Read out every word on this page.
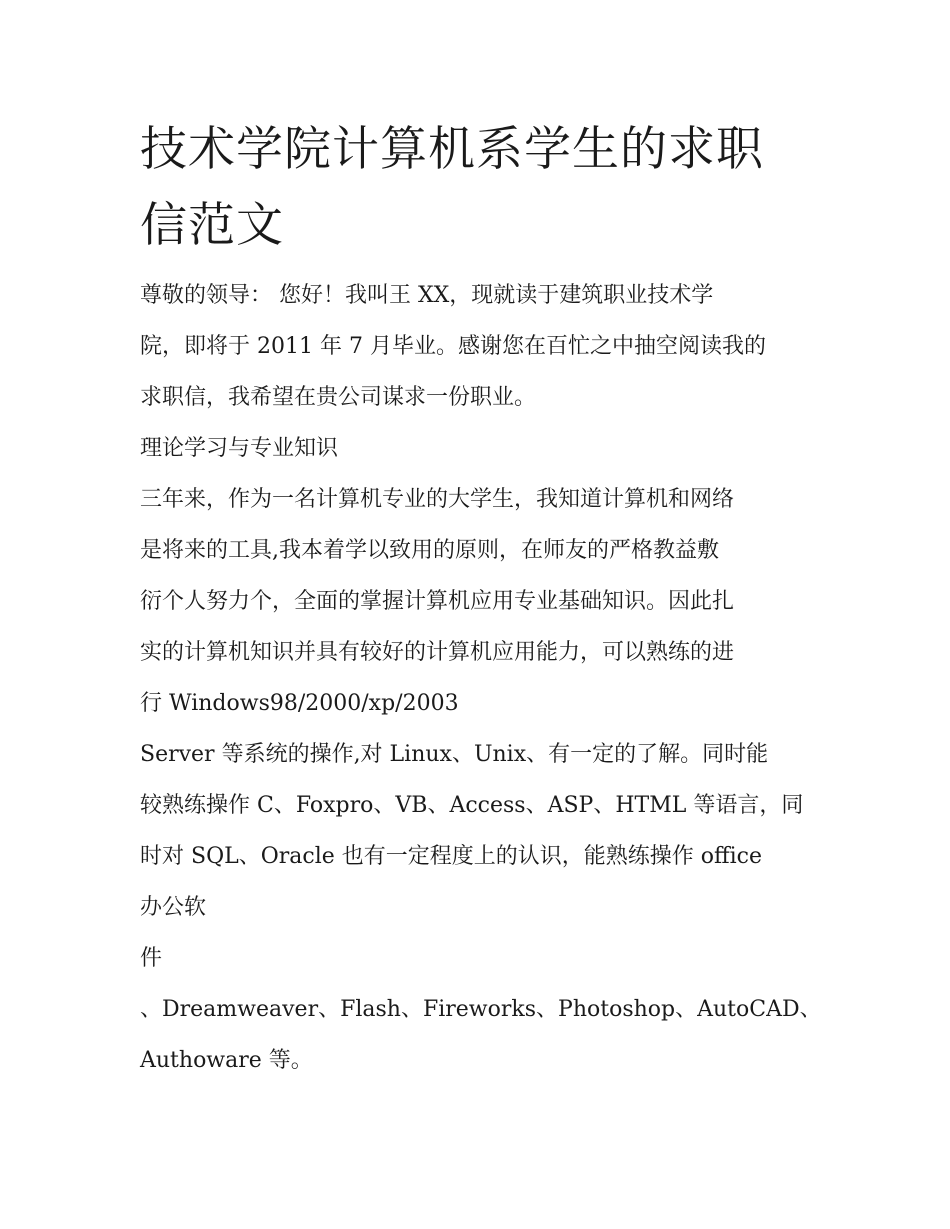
技术学院计算机系学生的求职
信范文
尊敬的领导： 您好！我叫王 XX，现就读于建筑职业技术学
院，即将于 2011 年 7 月毕业。感谢您在百忙之中抽空阅读我的
求职信，我希望在贵公司谋求一份职业。
理论学习与专业知识
三年来，作为一名计算机专业的大学生，我知道计算机和网络
是将来的工具,我本着学以致用的原则，在师友的严格教益敷
衍个人努力个，全面的掌握计算机应用专业基础知识。因此扎
实的计算机知识并具有较好的计算机应用能力，可以熟练的进
行 Windows98/2000/xp/2003
Server 等系统的操作,对 Linux、Unix、有一定的了解。同时能
较熟练操作 C、Foxpro、VB、Access、ASP、HTML 等语言，同
时对 SQL、Oracle 也有一定程度上的认识，能熟练操作 office
办公软
件
、Dreamweaver、Flash、Fireworks、Photoshop、AutoCAD、
Authoware 等。
